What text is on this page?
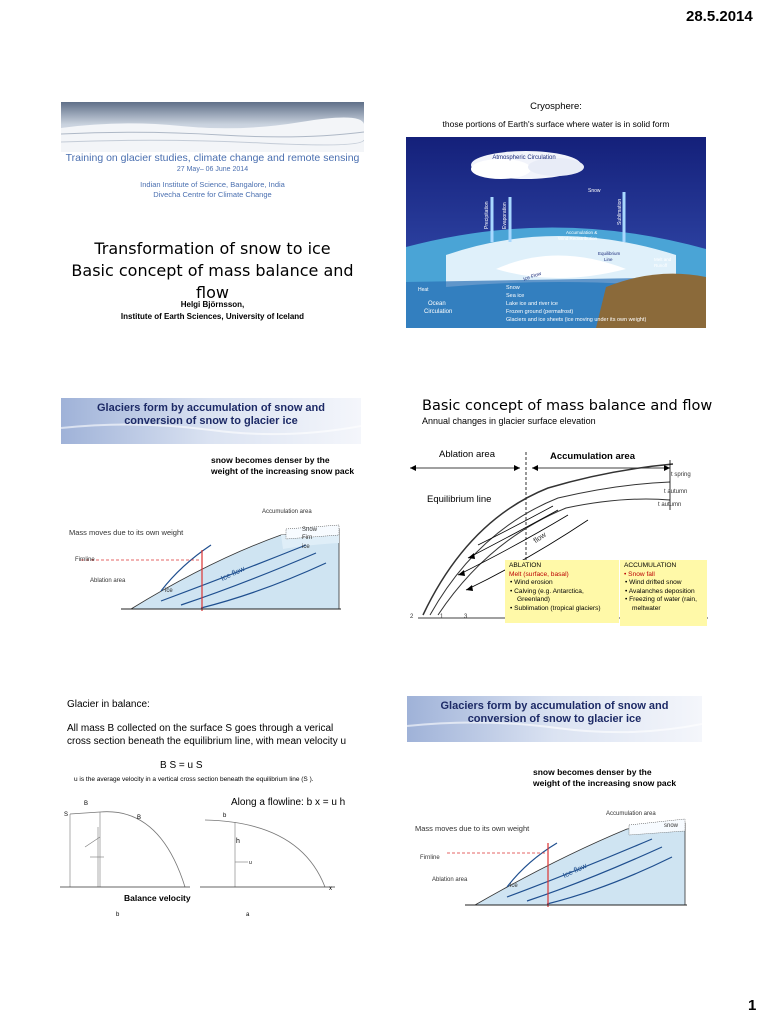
28.5.2014
1
Training on glacier studies, climate change and remote sensing
27 May– 06 June 2014
Indian Institute of Science, Bangalore, India
Divecha Centre for Climate Change
Transformation of snow to ice
Basic concept of mass balance and flow
Helgi Björnsson,
Institute of Earth Sciences, University of Iceland
Cryosphere:
those portions of Earth's surface where water is in solid form
Atmospheric Circulation
Precipitation Evaporation
Snow
Sublimation
Accumulation &
Wind Redistribution
Equilibrium
Line	Melt and
Runoff
Ice Flow
Heat
Ocean
Circulation
Snow
Sea ice
Lake ice and river ice
Frozen ground (permafrost)
Glaciers and ice sheets (ice moving under its own weight)
Glaciers form by accumulation of snow and
conversion of snow to glacier ice
snow becomes denser by the
weight of the increasing snow pack
Accumulation area
Mass moves due to its own weight	Snow
Firn
ice
Firnline
Ablation area	Ice flow
ice
Basic concept of mass balance and flow
Annual changes in glacier surface elevation
Ablation area	Accumulation area
Equilibrium line
t spring
t autumn
t autumn
flow
2	1	3
ABLATION
Melt (surface, basal)
• Wind erosion
• Calving (e.g. Antarctica, Greenland)
• Sublimation (tropical glaciers)
ACCUMULATION
• Snow fall
• Wind drifted snow
• Avalanches deposition
• Freezing of water (rain, meltwater
Glacier in balance:
All mass B collected on the surface S goes through a verical
cross section beneath the equilibrium line, with mean velocity u
B S = u S
u is the average velocity in a vertical cross section beneath the equilibrium line (S ).
Along a flowline: b x = u h
S
B
B
h
u
x
b
Balance velocity
b	a
Glaciers form by accumulation of snow and
conversion of snow to glacier ice
snow becomes denser by the
weight of the increasing snow pack
Accumulation area
Mass moves due to its own weight	snow
Firnline
Ablation area
Ice flow
ice
